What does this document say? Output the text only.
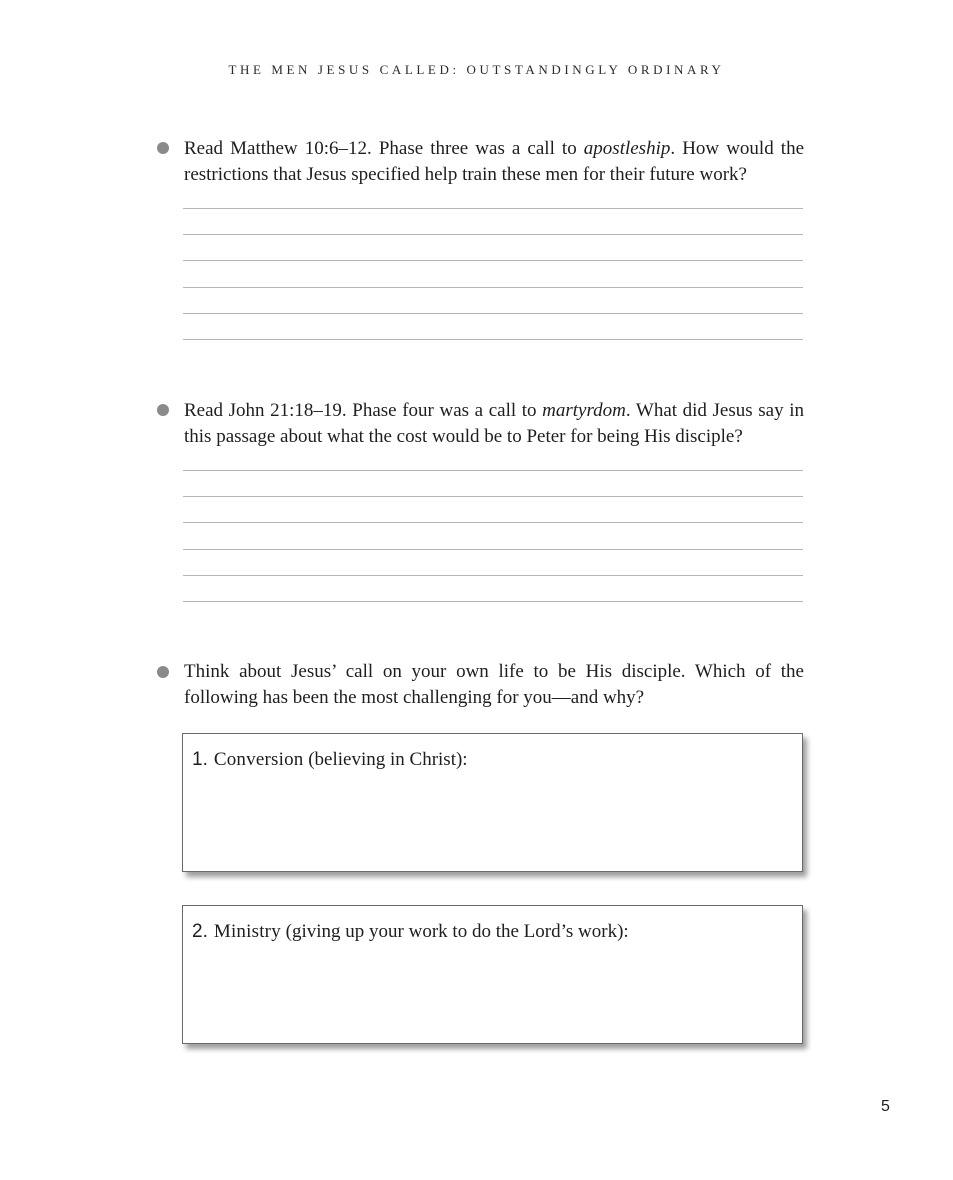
THE MEN JESUS CALLED: OUTSTANDINGLY ORDINARY
Read Matthew 10:6–12. Phase three was a call to apostleship. How would the restrictions that Jesus specified help train these men for their future work?
Read John 21:18–19. Phase four was a call to martyrdom. What did Jesus say in this passage about what the cost would be to Peter for being His disciple?
Think about Jesus’ call on your own life to be His disciple. Which of the following has been the most challenging for you—and why?
1. Conversion (believing in Christ):
2. Ministry (giving up your work to do the Lord’s work):
5
